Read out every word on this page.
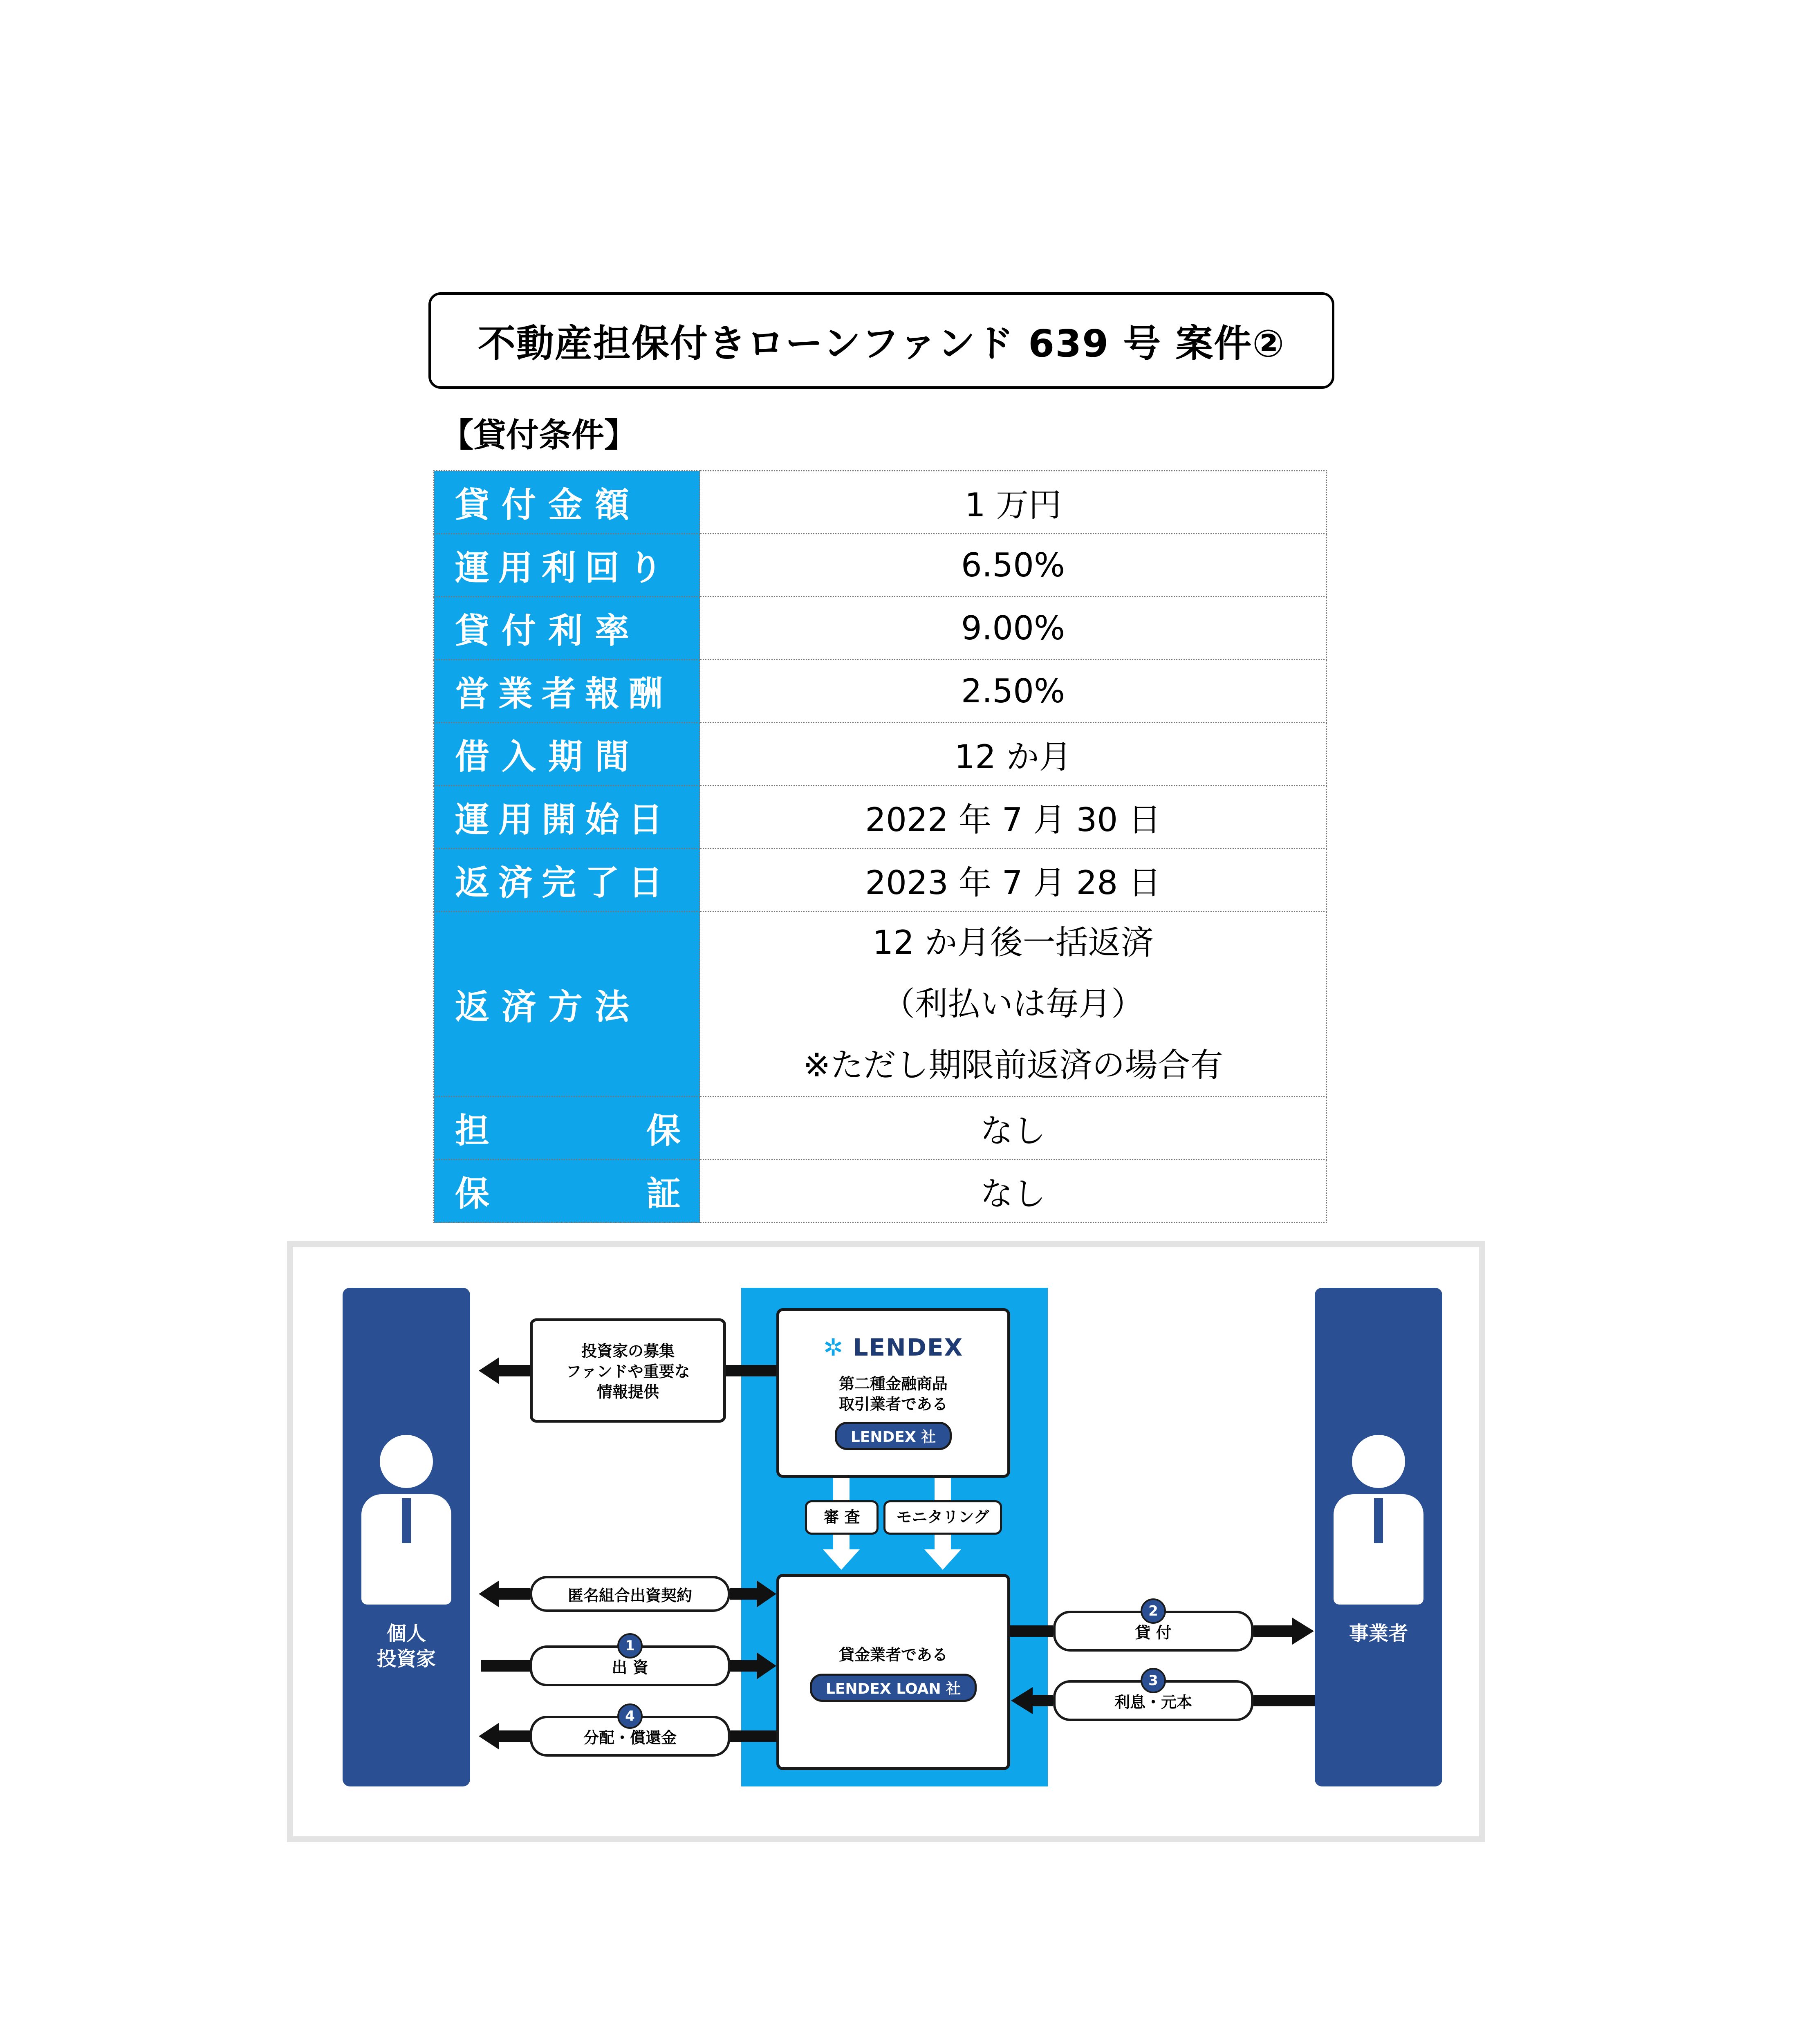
不動産担保付きローンファンド 639 号 案件②
【貸付条件】
貸付金額	1 万円
運用利回り	6.50%
貸付利率	9.00%
営業者報酬	2.50%
借入期間	12 か月
運用開始日	2022 年 7 月 30 日
返済完了日	2023 年 7 月 28 日
返済方法	12 か月後一括返済
（利払いは毎月）
※ただし期限前返済の場合有

担 保	なし

保 証	なし
個人
投資家
事業者
✲ LENDEX
第二種金融商品
取引業者である
LENDEX 社
審 査	モニタリング
貸金業者である
LENDEX LOAN 社
投資家の募集
ファンドや重要な
情報提供
匿名組合出資契約
出 資
分配・償還金
貸 付
利息・元本
1
4
2
3
